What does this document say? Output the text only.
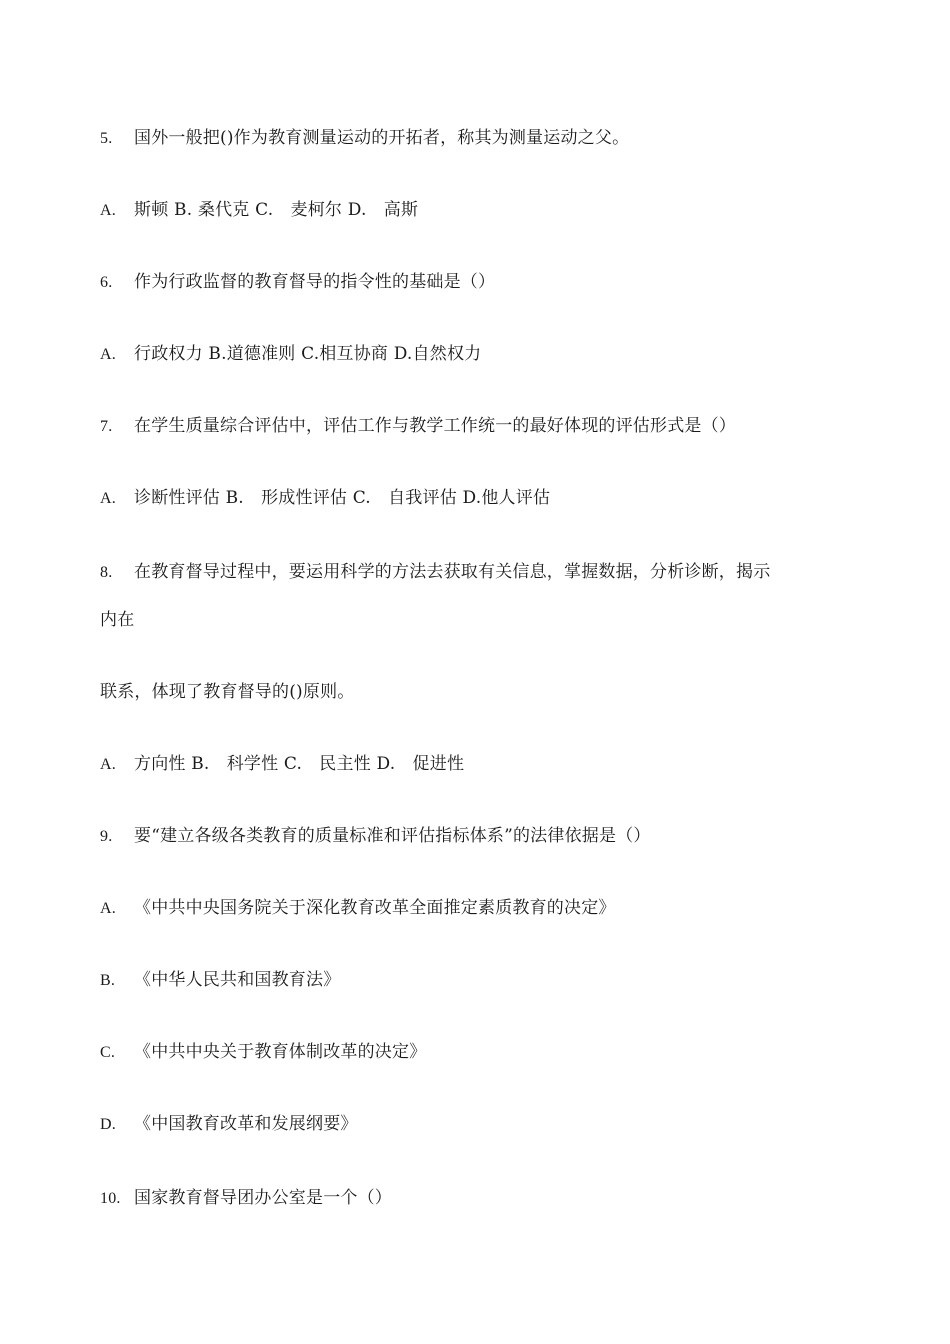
5. 国外一般把()作为教育测量运动的开拓者，称其为测量运动之父。
A. 斯顿 B. 桑代克 C.　麦柯尔 D.　高斯
6. 作为行政监督的教育督导的指令性的基础是（）
A. 行政权力 B.道德准则 C.相互协商 D.自然权力
7. 在学生质量综合评估中，评估工作与教学工作统一的最好体现的评估形式是（）
A. 诊断性评估 B.　形成性评估 C.　自我评估 D.他人评估
8. 在教育督导过程中，要运用科学的方法去获取有关信息，掌握数据，分析诊断，揭示
内在
联系，体现了教育督导的()原则。
A. 方向性 B.　科学性 C.　民主性 D.　促进性
9. 要“建立各级各类教育的质量标准和评估指标体系”的法律依据是（）
A. 《中共中央国务院关于深化教育改革全面推定素质教育的决定》
B. 《中华人民共和国教育法》
C. 《中共中央关于教育体制改革的决定》
D. 《中国教育改革和发展纲要》
10. 国家教育督导团办公室是一个（）
